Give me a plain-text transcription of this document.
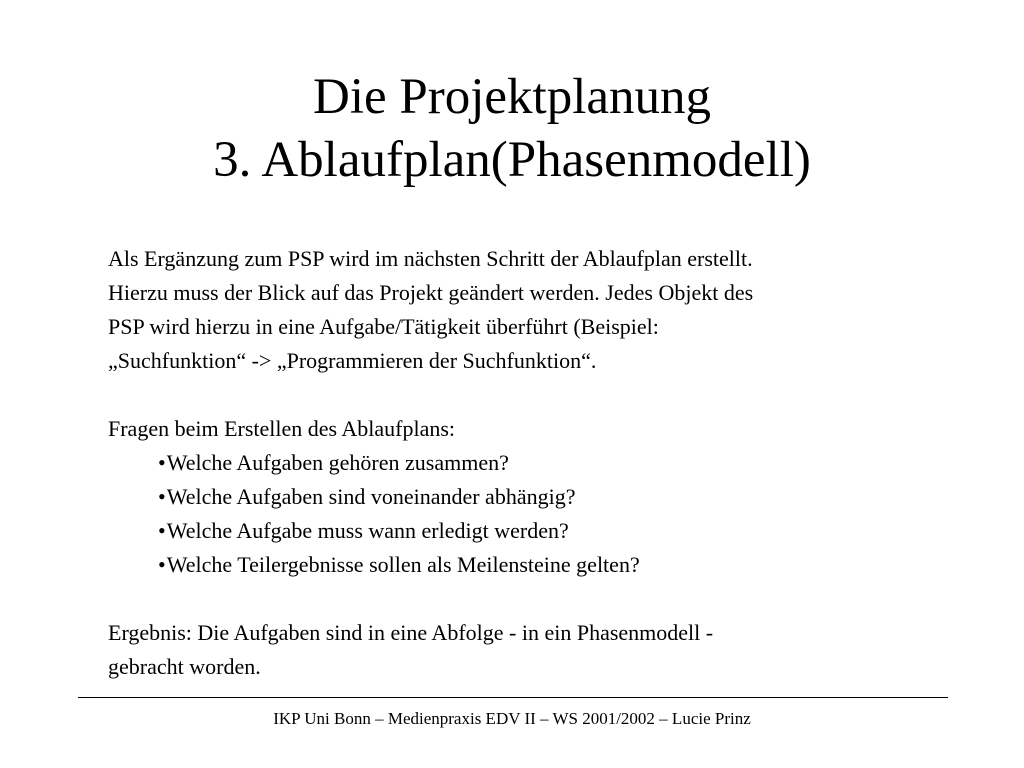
Die Projektplanung
3. Ablaufplan(Phasenmodell)

Als Ergänzung zum PSP wird im nächsten Schritt der Ablaufplan erstellt.
Hierzu muss der Blick auf das Projekt geändert werden. Jedes Objekt des
PSP wird hierzu in eine Aufgabe/Tätigkeit überführt (Beispiel:
„Suchfunktion“ -> „Programmieren der Suchfunktion“.

Fragen beim Erstellen des Ablaufplans:

•Welche Aufgaben gehören zusammen?
•Welche Aufgaben sind voneinander abhängig?
•Welche Aufgabe muss wann erledigt werden?
•Welche Teilergebnisse sollen als Meilensteine gelten?

Ergebnis: Die Aufgaben sind in eine Abfolge - in ein Phasenmodell -
gebracht worden.

IKP Uni Bonn – Medienpraxis EDV II – WS 2001/2002 – Lucie Prinz
